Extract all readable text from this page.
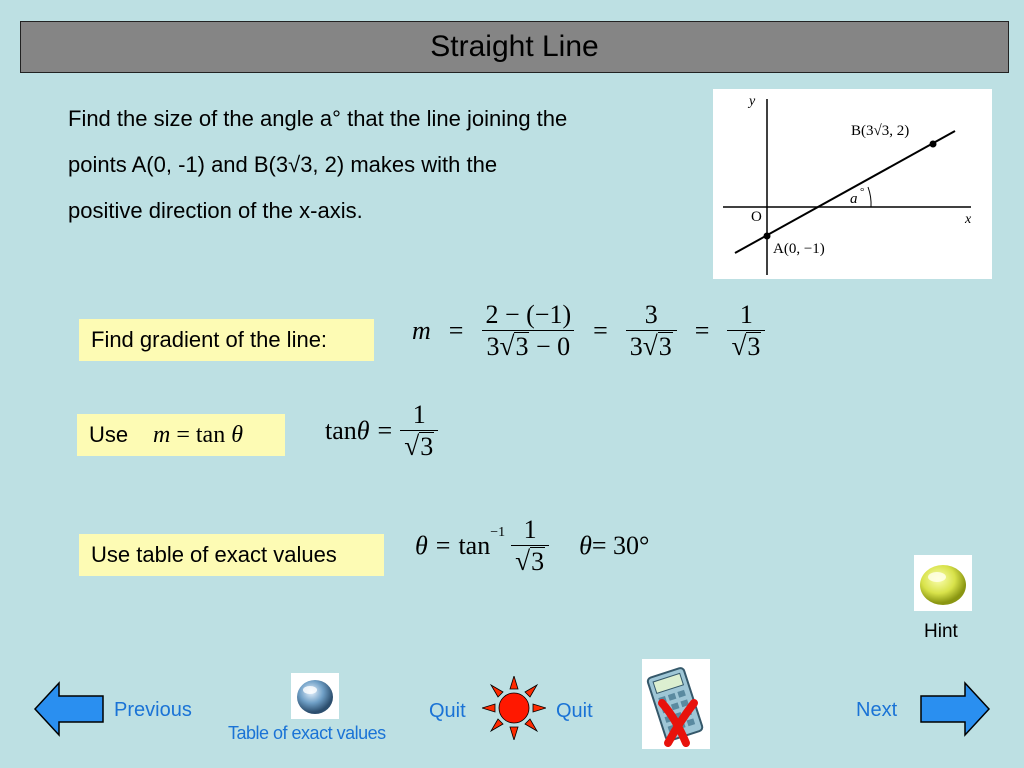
Straight Line
Find the size of the angle a° that the line joining the
points A(0, -1) and B(3√3, 2) makes with the
positive direction of the x-axis.
y
x
O
B(3√3, 2)
A(0, −1)
a °
Find gradient of the line:	$m = \frac{2 - (-1)}{3 √ 3 - 0} = \frac{3}{3 √ 3} = \frac{1}{√ 3}$
Use m = tan θ	$\tan \theta = \frac{1}{√ 3}$
Use table of exact values	$\theta = \tan^{-1} \frac{1}{√ 3}$ θ = 30°
Hint
Previous
Table of exact values
Quit	Quit	Next
